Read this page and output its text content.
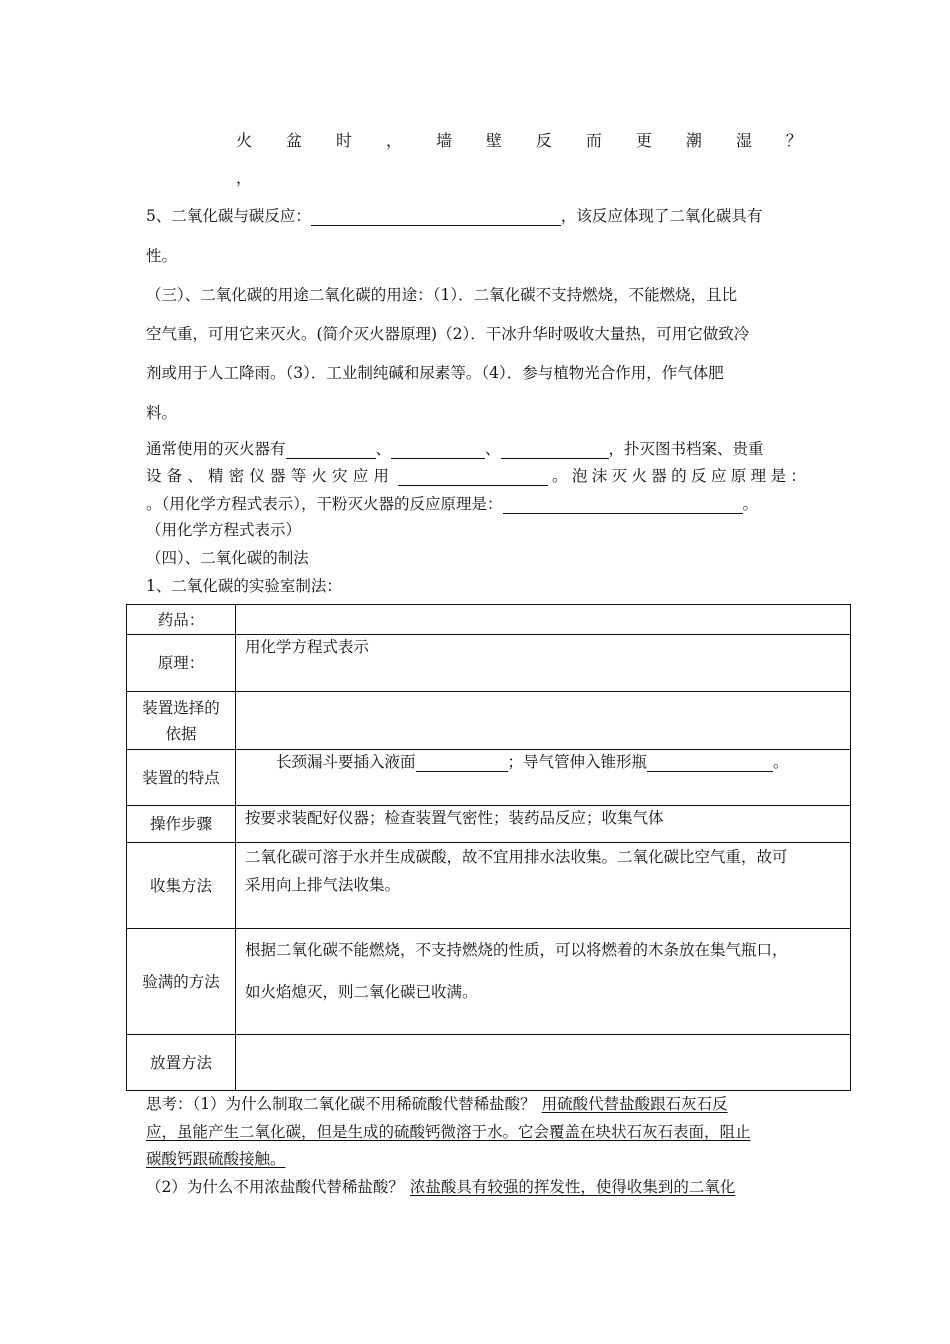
火 盆 时 ， 墙 壁 反 而 更 潮 湿 ？
，
5、二氧化碳与碳反应：	，该反应体现了二氧化碳具有
性。
（三）、二氧化碳的用途二氧化碳的用途：（1）．二氧化碳不支持燃烧，不能燃烧，且比
空气重，可用它来灭火。(简介灭火器原理)（2）．干冰升华时吸收大量热，可用它做致冷
剂或用于人工降雨。（3）．工业制纯碱和尿素等。（4）．参与植物光合作用，作气体肥
料。
通常使用的灭火器有	、	、	，扑灭图书档案、贵重
设 备 、 精 密 仪 器 等 火 灾 应 用	。 泡 沫 灭 火 器 的 反 应 原 理 是 ：
。（用化学方程式表示），干粉灭火器的反应原理是：	。
（用化学方程式表示）
（四）、二氧化碳的制法
1、二氧化碳的实验室制法：
药品：	
原理：	用化学方程式表示

装置选择的
依据	

装置的特点	长颈漏斗要插入液面 ；导气管伸入锥形瓶 。
操作步骤	按要求装配好仪器；检查装置气密性；装药品反应；收集气体
收集方法	二氧化碳可溶于水并生成碳酸，故不宜用排水法收集。二氧化碳比空气重，故可
采用向上排气法收集。

验满的方法	根据二氧化碳不能燃烧，不支持燃烧的性质，可以将燃着的木条放在集气瓶口，
如火焰熄灭，则二氧化碳已收满。

放置方法	
思考：（1）为什么制取二氧化碳不用稀硫酸代替稀盐酸？ 用硫酸代替盐酸跟石灰石反
应，虽能产生二氧化碳，但是生成的硫酸钙微溶于水。它会覆盖在块状石灰石表面，阻止
碳酸钙跟硫酸接触。
（2）为什么不用浓盐酸代替稀盐酸？ 浓盐酸具有较强的挥发性，使得收集到的二氧化
